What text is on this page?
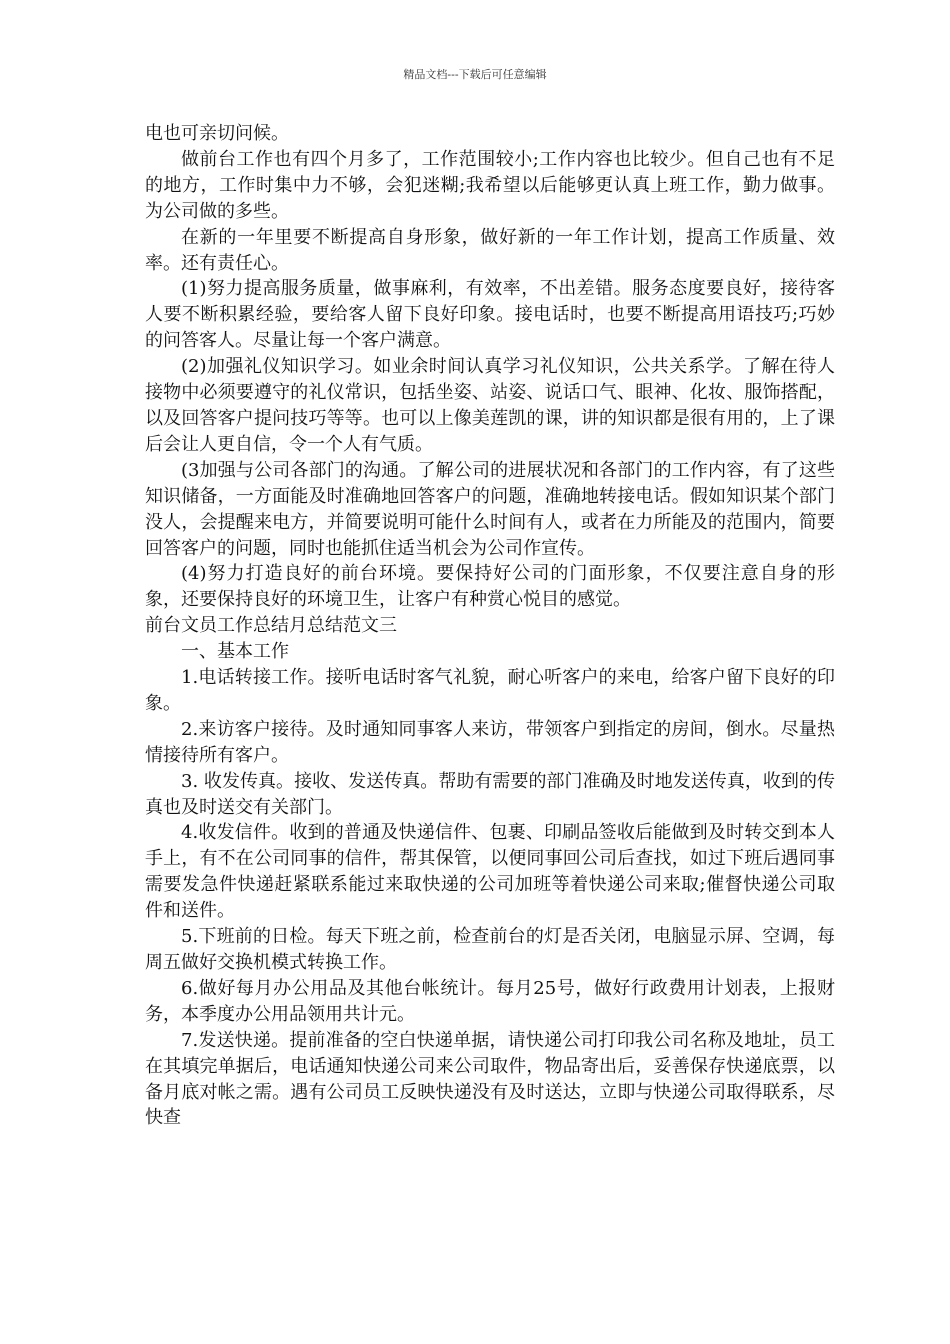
精品文档---下载后可任意编辑

电也可亲切问候。

做前台工作也有四个月多了，工作范围较小;工作内容也比较少。但自己也有不足的地方，工作时集中力不够，会犯迷糊;我希望以后能够更认真上班工作，勤力做事。为公司做的多些。

在新的一年里要不断提高自身形象，做好新的一年工作计划，提高工作质量、效率。还有责任心。

(1)努力提高服务质量，做事麻利，有效率，不出差错。服务态度要良好，接待客人要不断积累经验，要给客人留下良好印象。接电话时，也要不断提高用语技巧;巧妙的问答客人。尽量让每一个客户满意。

(2)加强礼仪知识学习。如业余时间认真学习礼仪知识，公共关系学。了解在待人接物中必须要遵守的礼仪常识，包括坐姿、站姿、说话口气、眼神、化妆、服饰搭配，以及回答客户提问技巧等等。也可以上像美莲凯的课，讲的知识都是很有用的，上了课后会让人更自信，令一个人有气质。

(3加强与公司各部门的沟通。了解公司的进展状况和各部门的工作内容，有了这些知识储备，一方面能及时准确地回答客户的问题，准确地转接电话。假如知识某个部门没人，会提醒来电方，并简要说明可能什么时间有人，或者在力所能及的范围内，简要回答客户的问题，同时也能抓住适当机会为公司作宣传。

(4)努力打造良好的前台环境。要保持好公司的门面形象，不仅要注意自身的形象，还要保持良好的环境卫生，让客户有种赏心悦目的感觉。

前台文员工作总结月总结范文三

一、基本工作

1.电话转接工作。接听电话时客气礼貌，耐心听客户的来电，给客户留下良好的印象。

2.来访客户接待。及时通知同事客人来访，带领客户到指定的房间，倒水。尽量热情接待所有客户。

3. 收发传真。接收、发送传真。帮助有需要的部门准确及时地发送传真，收到的传真也及时送交有关部门。

4.收发信件。收到的普通及快递信件、包裹、印刷品签收后能做到及时转交到本人手上，有不在公司同事的信件，帮其保管，以便同事回公司后查找，如过下班后遇同事需要发急件快递赶紧联系能过来取快递的公司加班等着快递公司来取;催督快递公司取件和送件。

5.下班前的日检。每天下班之前，检查前台的灯是否关闭，电脑显示屏、空调，每周五做好交换机模式转换工作。

6.做好每月办公用品及其他台帐统计。每月25号，做好行政费用计划表，上报财务，本季度办公用品领用共计元。

7.发送快递。提前准备的空白快递单据，请快递公司打印我公司名称及地址，员工在其填完单据后，电话通知快递公司来公司取件，物品寄出后，妥善保存快递底票，以备月底对帐之需。遇有公司员工反映快递没有及时送达，立即与快递公司取得联系，尽快查
